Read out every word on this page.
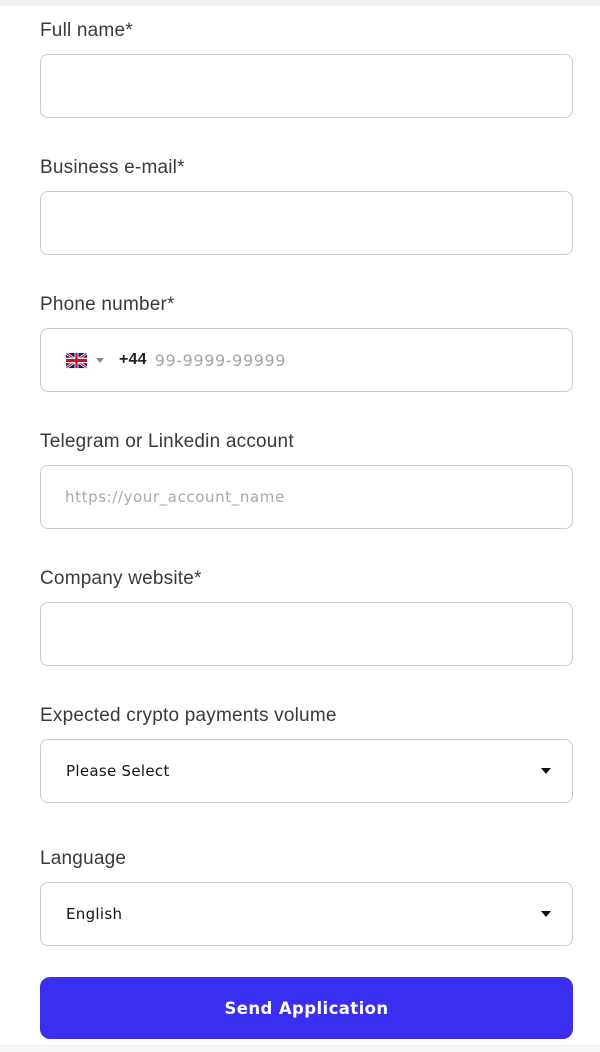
Full name*
Business e-mail*
Phone number*
+44
99-9999-99999
Telegram or Linkedin account
https://your_account_name
Company website*
Expected crypto payments volume
Please Select
Language
English
Send Application
